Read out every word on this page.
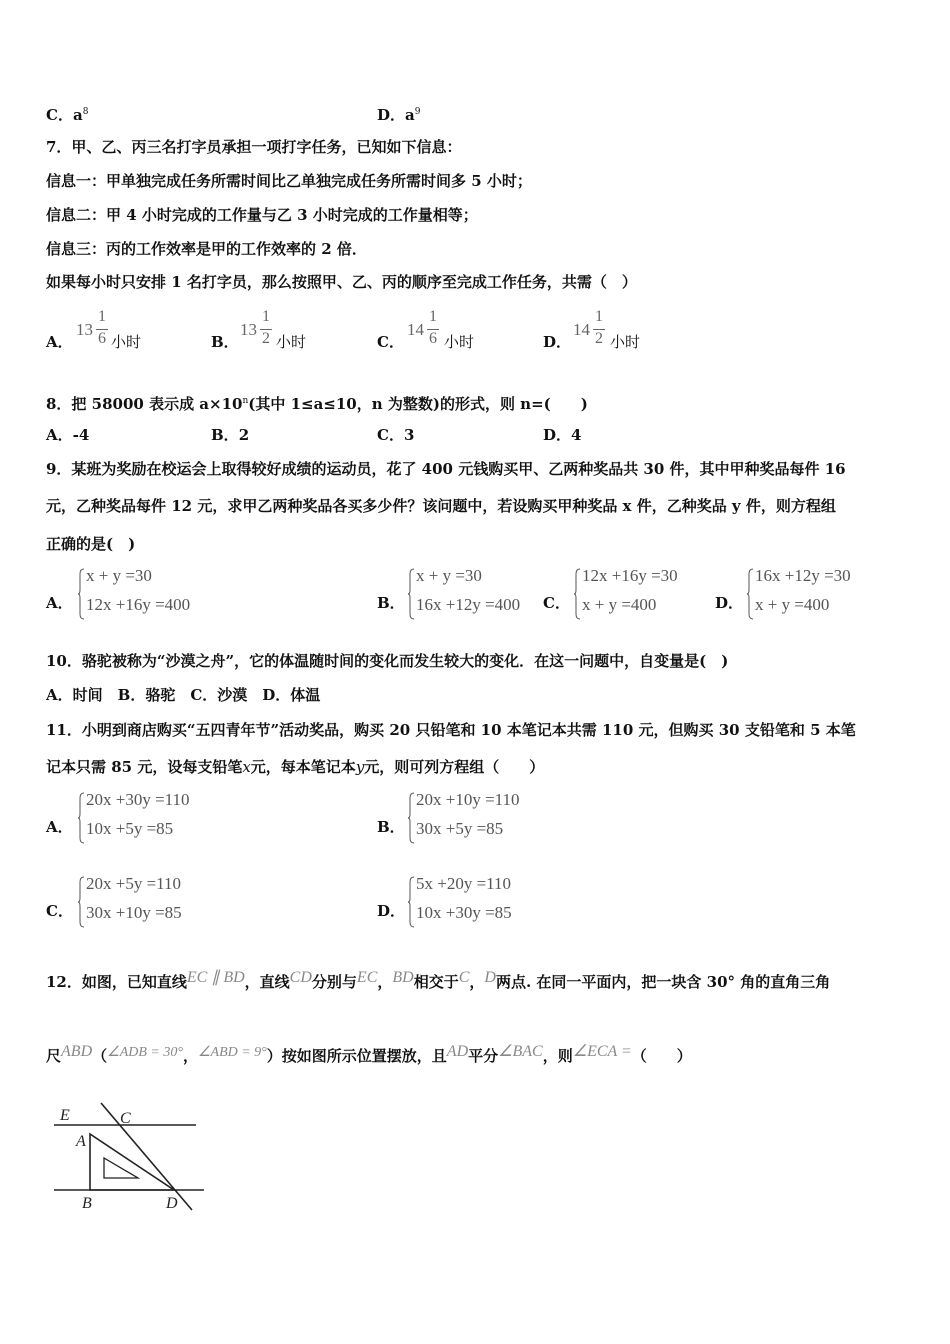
C．$a^8$	D．$a^9$
7．甲、乙、丙三名打字员承担一项打字任务，已知如下信息：
信息一：甲单独完成任务所需时间比乙单独完成任务所需时间多 5 小时；
信息二：甲 4 小时完成的工作量与乙 3 小时完成的工作量相等；
信息三：丙的工作效率是甲的工作效率的 2 倍．
如果每小时只安排 1 名打字员，那么按照甲、乙、丙的顺序至完成工作任务，共需（　）
A．
13
1
6 小时	B．
13
1
2 小时	C．
14
1
6 小时	D．
14
1
2 小时
8．把 58000 表示成 $a\times 10^n$(其中 1≤a≤10，n 为整数)的形式，则 n=(　　)
A．-4	B．2	C．3	D．4
9．某班为奖励在校运会上取得较好成绩的运动员，花了 400 元钱购买甲、乙两种奖品共 30 件，其中甲种奖品每件 16
元，乙种奖品每件 12 元，求甲乙两种奖品各买多少件？该问题中，若设购买甲种奖品 x 件，乙种奖品 y 件，则方程组
正确的是(　)
A．
x + y =30
12x +16y =400	B．
x + y =30
16x +12y =400 C．
12x +16y =30
x + y =400	D．
16x +12y =30
x + y =400
10．骆驼被称为“沙漠之舟”，它的体温随时间的变化而发生较大的变化．在这一问题中，自变量是(　)
A．时间　B．骆驼　C．沙漠　D．体温
11．小明到商店购买“五四青年节”活动奖品，购买 20 只铅笔和 10 本笔记本共需 110 元，但购买 30 支铅笔和 5 本笔
记本只需 85 元，设每支铅笔x元，每本笔记本y元，则可列方程组（　　）
A．
20x +30y =110
10x +5y =85	B．
20x +10y =110
30x +5y =85
C．
20x +5y =110
30x +10y =85	D．
5x +20y =110
10x +30y =85
12．如图，已知直线EC ∥ BD，直线CD分别与EC，BD相交于C，D两点. 在同一平面内，把一块含 30° 角的直角三角
尺ABD（∠ADB = 30°，∠ABD = 9°）按如图所示位置摆放，且AD平分∠BAC，则∠ECA =（　　）
E	C
A
B	D
